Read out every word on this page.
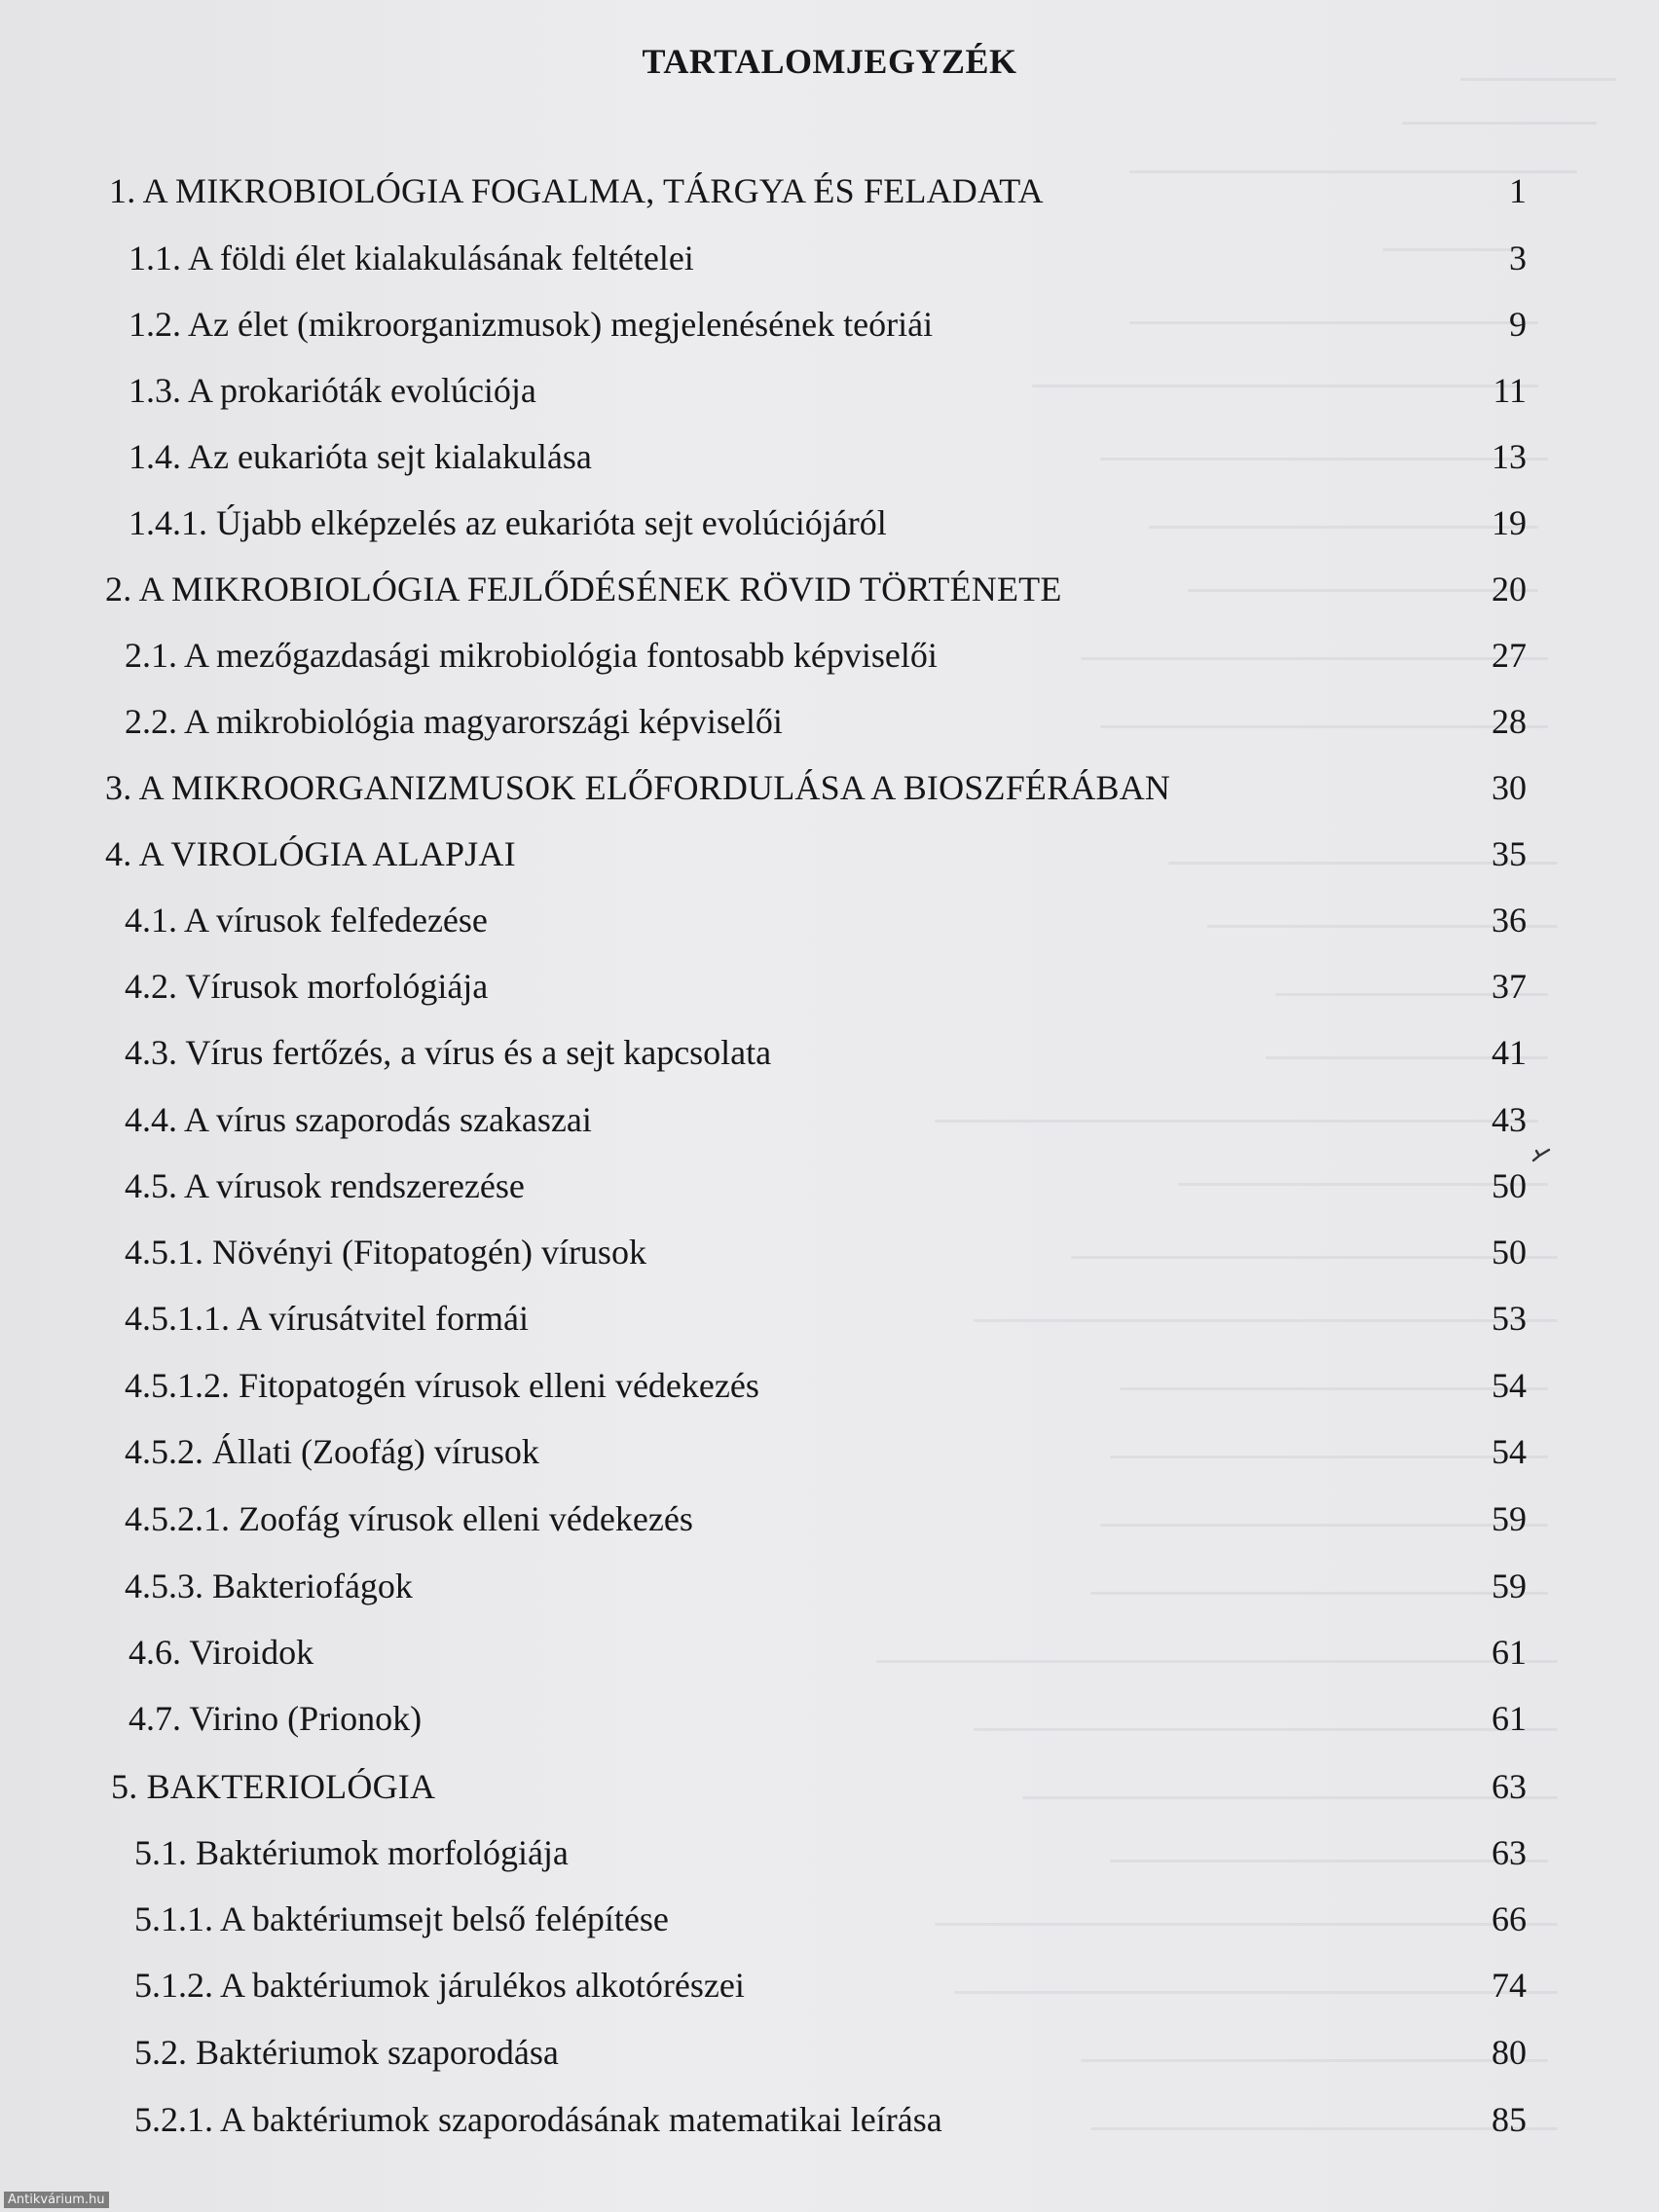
TARTALOMJEGYZÉK
1. A MIKROBIOLÓGIA FOGALMA, TÁRGYA ÉS FELADATA	1
1.1. A földi élet kialakulásának feltételei	3
1.2. Az élet (mikroorganizmusok) megjelenésének teóriái	9
1.3. A prokarióták evolúciója	11
1.4. Az eukarióta sejt kialakulása	13
1.4.1. Újabb elképzelés az eukarióta sejt evolúciójáról	19
2. A MIKROBIOLÓGIA FEJLŐDÉSÉNEK RÖVID TÖRTÉNETE	20
2.1. A mezőgazdasági mikrobiológia fontosabb képviselői	27
2.2. A mikrobiológia magyarországi képviselői	28
3. A MIKROORGANIZMUSOK ELŐFORDULÁSA A BIOSZFÉRÁBAN	30
4. A VIROLÓGIA ALAPJAI	35
4.1. A vírusok felfedezése	36
4.2. Vírusok morfológiája	37
4.3. Vírus fertőzés, a vírus és a sejt kapcsolata	41
4.4. A vírus szaporodás szakaszai	43
4.5. A vírusok rendszerezése	50
4.5.1. Növényi (Fitopatogén) vírusok	50
4.5.1.1. A vírusátvitel formái	53
4.5.1.2. Fitopatogén vírusok elleni védekezés	54
4.5.2. Állati (Zoofág) vírusok	54
4.5.2.1. Zoofág vírusok elleni védekezés	59
4.5.3. Bakteriofágok	59
4.6. Viroidok	61
4.7. Virino (Prionok)	61
5. BAKTERIOLÓGIA	63
5.1. Baktériumok morfológiája	63
5.1.1. A baktériumsejt belső felépítése	66
5.1.2. A baktériumok járulékos alkotórészei	74
5.2. Baktériumok szaporodása	80
5.2.1. A baktériumok szaporodásának matematikai leírása	85
Antikvárium.hu
